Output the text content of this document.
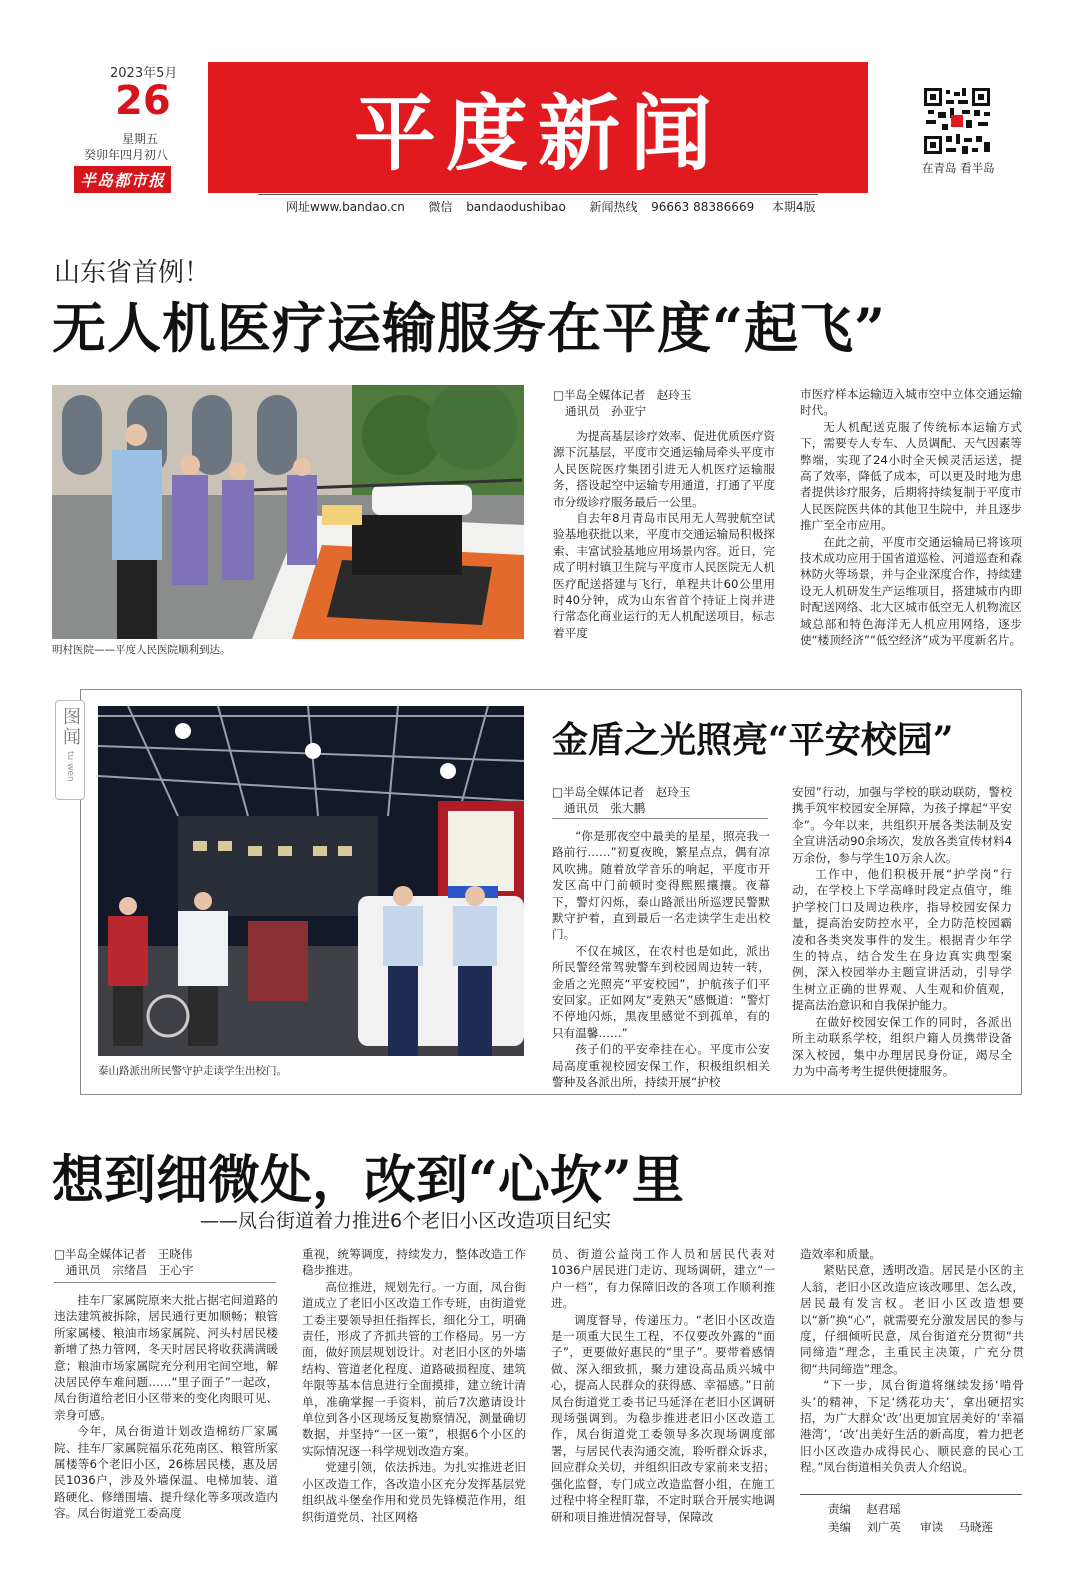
2023年5月
26
星期五
癸卯年四月初八
半岛都市报 平度新闻	在青岛 看半岛
网址www.bandao.cn 微信 bandaodushibao 新闻热线 96663 88386669 本期4版
山东省首例！
无人机医疗运输服务在平度“起飞”
明村医院——平度人民医院顺利到达。
□半岛全媒体记者　赵玲玉
通讯员　孙亚宁

为提高基层诊疗效率、促进优质医疗资源下沉基层，平度市交通运输局牵头平度市人民医院医疗集团引进无人机医疗运输服务，搭设起空中运输专用通道，打通了平度市分级诊疗服务最后一公里。

自去年8月青岛市民用无人驾驶航空试验基地获批以来，平度市交通运输局积极探索、丰富试验基地应用场景内容。近日，完成了明村镇卫生院与平度市人民医院无人机医疗配送搭建与飞行，单程共计60公里用时40分钟，成为山东省首个持证上岗并进行常态化商业运行的无人机配送项目，标志着平度

市医疗样本运输迈入城市空中立体交通运输时代。

无人机配送克服了传统标本运输方式下，需要专人专车、人员调配、天气因素等弊端，实现了24小时全天候灵活运送，提高了效率，降低了成本，可以更及时地为患者提供诊疗服务，后期将持续复制于平度市人民医院医共体的其他卫生院中，并且逐步推广至全市应用。

在此之前，平度市交通运输局已将该项技术成功应用于国省道巡检、河道巡查和森林防火等场景，并与企业深度合作，持续建设无人机研发生产运维项目，搭建城市内即时配送网络、北大区城市低空无人机物流区域总部和特色海洋无人机应用网络，逐步使“楼顶经济”“低空经济”成为平度新名片。

图闻
tu wen
泰山路派出所民警守护走读学生出校门。
金盾之光照亮“平安校园”
□半岛全媒体记者　赵玲玉
通讯员　张大鹏

“你是那夜空中最美的星星，照亮我一路前行……”初夏夜晚，繁星点点，偶有凉风吹拂。随着放学音乐的响起，平度市开发区高中门前顿时变得熙熙攘攘。夜幕下，警灯闪烁，泰山路派出所巡逻民警默默守护着，直到最后一名走读学生走出校门。

不仅在城区，在农村也是如此，派出所民警经常驾驶警车到校园周边转一转，金盾之光照亮“平安校园”，护航孩子们平安回家。正如网友“麦熟天”感慨道：“警灯不停地闪烁，黑夜里感觉不到孤单，有的只有温馨……”

孩子们的平安牵挂在心。平度市公安局高度重视校园安保工作，积极组织相关警种及各派出所，持续开展“护校

安园”行动，加强与学校的联动联防，警校携手筑牢校园安全屏障，为孩子撑起“平安伞”。今年以来，共组织开展各类法制及安全宣讲活动90余场次，发放各类宣传材料4万余份，参与学生10万余人次。

工作中，他们积极开展“护学岗”行动，在学校上下学高峰时段定点值守，维护学校门口及周边秩序，指导校园安保力量，提高治安防控水平，全力防范校园霸凌和各类突发事件的发生。根据青少年学生的特点，结合发生在身边真实典型案例，深入校园举办主题宣讲活动，引导学生树立正确的世界观、人生观和价值观，提高法治意识和自我保护能力。

在做好校园安保工作的同时，各派出所主动联系学校，组织户籍人员携带设备深入校园，集中办理居民身份证，竭尽全力为中高考考生提供便捷服务。

想到细微处，改到“心坎”里
——凤台街道着力推进6个老旧小区改造项目纪实
□半岛全媒体记者　王晓伟
通讯员　宗绪昌　王心宇

挂车厂家属院原来大批占据宅间道路的违法建筑被拆除，居民通行更加顺畅；粮管所家属楼、粮油市场家属院、河头村居民楼新增了热力管网，冬天时居民将收获满满暖意；粮油市场家属院充分利用宅间空地，解决居民停车难问题……“里子面子”一起改，凤台街道给老旧小区带来的变化肉眼可见、亲身可感。

今年，凤台街道计划改造棉纺厂家属院、挂车厂家属院福乐花苑南区、粮管所家属楼等6个老旧小区，26栋居民楼，惠及居民1036户，涉及外墙保温、电梯加装、道路硬化、修缮围墙、提升绿化等多项改造内容。凤台街道党工委高度

重视，统筹调度，持续发力，整体改造工作稳步推进。

高位推进，规划先行。一方面，凤台街道成立了老旧小区改造工作专班，由街道党工委主要领导担任指挥长，细化分工，明确责任，形成了齐抓共管的工作格局。另一方面，做好顶层规划设计。对老旧小区的外墙结构、管道老化程度、道路破损程度、建筑年限等基本信息进行全面摸排，建立统计清单，准确掌握一手资料，前后7次邀请设计单位到各小区现场反复勘察情况，测量确切数据，并坚持“一区一策”，根据6个小区的实际情况逐一科学规划改造方案。

党建引领，依法拆违。为扎实推进老旧小区改造工作，各改造小区充分发挥基层党组织战斗堡垒作用和党员先锋模范作用，组织街道党员、社区网格

员、街道公益岗工作人员和居民代表对1036户居民进门走访、现场调研，建立“一户一档”，有力保障旧改的各项工作顺利推进。

调度督导，传递压力。“老旧小区改造是一项重大民生工程，不仅要改外露的“面子”，更要做好惠民的“里子”。要带着感情做、深入细致抓，聚力建设高品质兴城中心，提高人民群众的获得感、幸福感。”日前凤台街道党工委书记马延泽在老旧小区调研现场强调到。为稳步推进老旧小区改造工作，凤台街道党工委领导多次现场调度部署，与居民代表沟通交流，聆听群众诉求，回应群众关切，并组织旧改专家前来支招；强化监督，专门成立改造监督小组，在施工过程中将全程盯靠，不定时联合开展实地调研和项目推进情况督导，保障改

造效率和质量。

紧贴民意，透明改造。居民是小区的主人翁，老旧小区改造应该改哪里、怎么改，居民最有发言权。老旧小区改造想要以“新”换“心”，就需要充分激发居民的参与度，仔细倾听民意，凤台街道充分贯彻“共同缔造”理念，主重民主决策，广充分贯彻“共同缔造”理念。

“下一步，凤台街道将继续发扬‘啃骨头’的精神，下足‘绣花功夫’，拿出硬招实招，为广大群众‘改’出更加宜居美好的‘幸福港湾’，‘改’出美好生活的新高度，着力把老旧小区改造办成得民心、顺民意的民心工程。”凤台街道相关负责人介绍说。

责编 赵君瑶
美编 刘广英 审读 马晓莲
